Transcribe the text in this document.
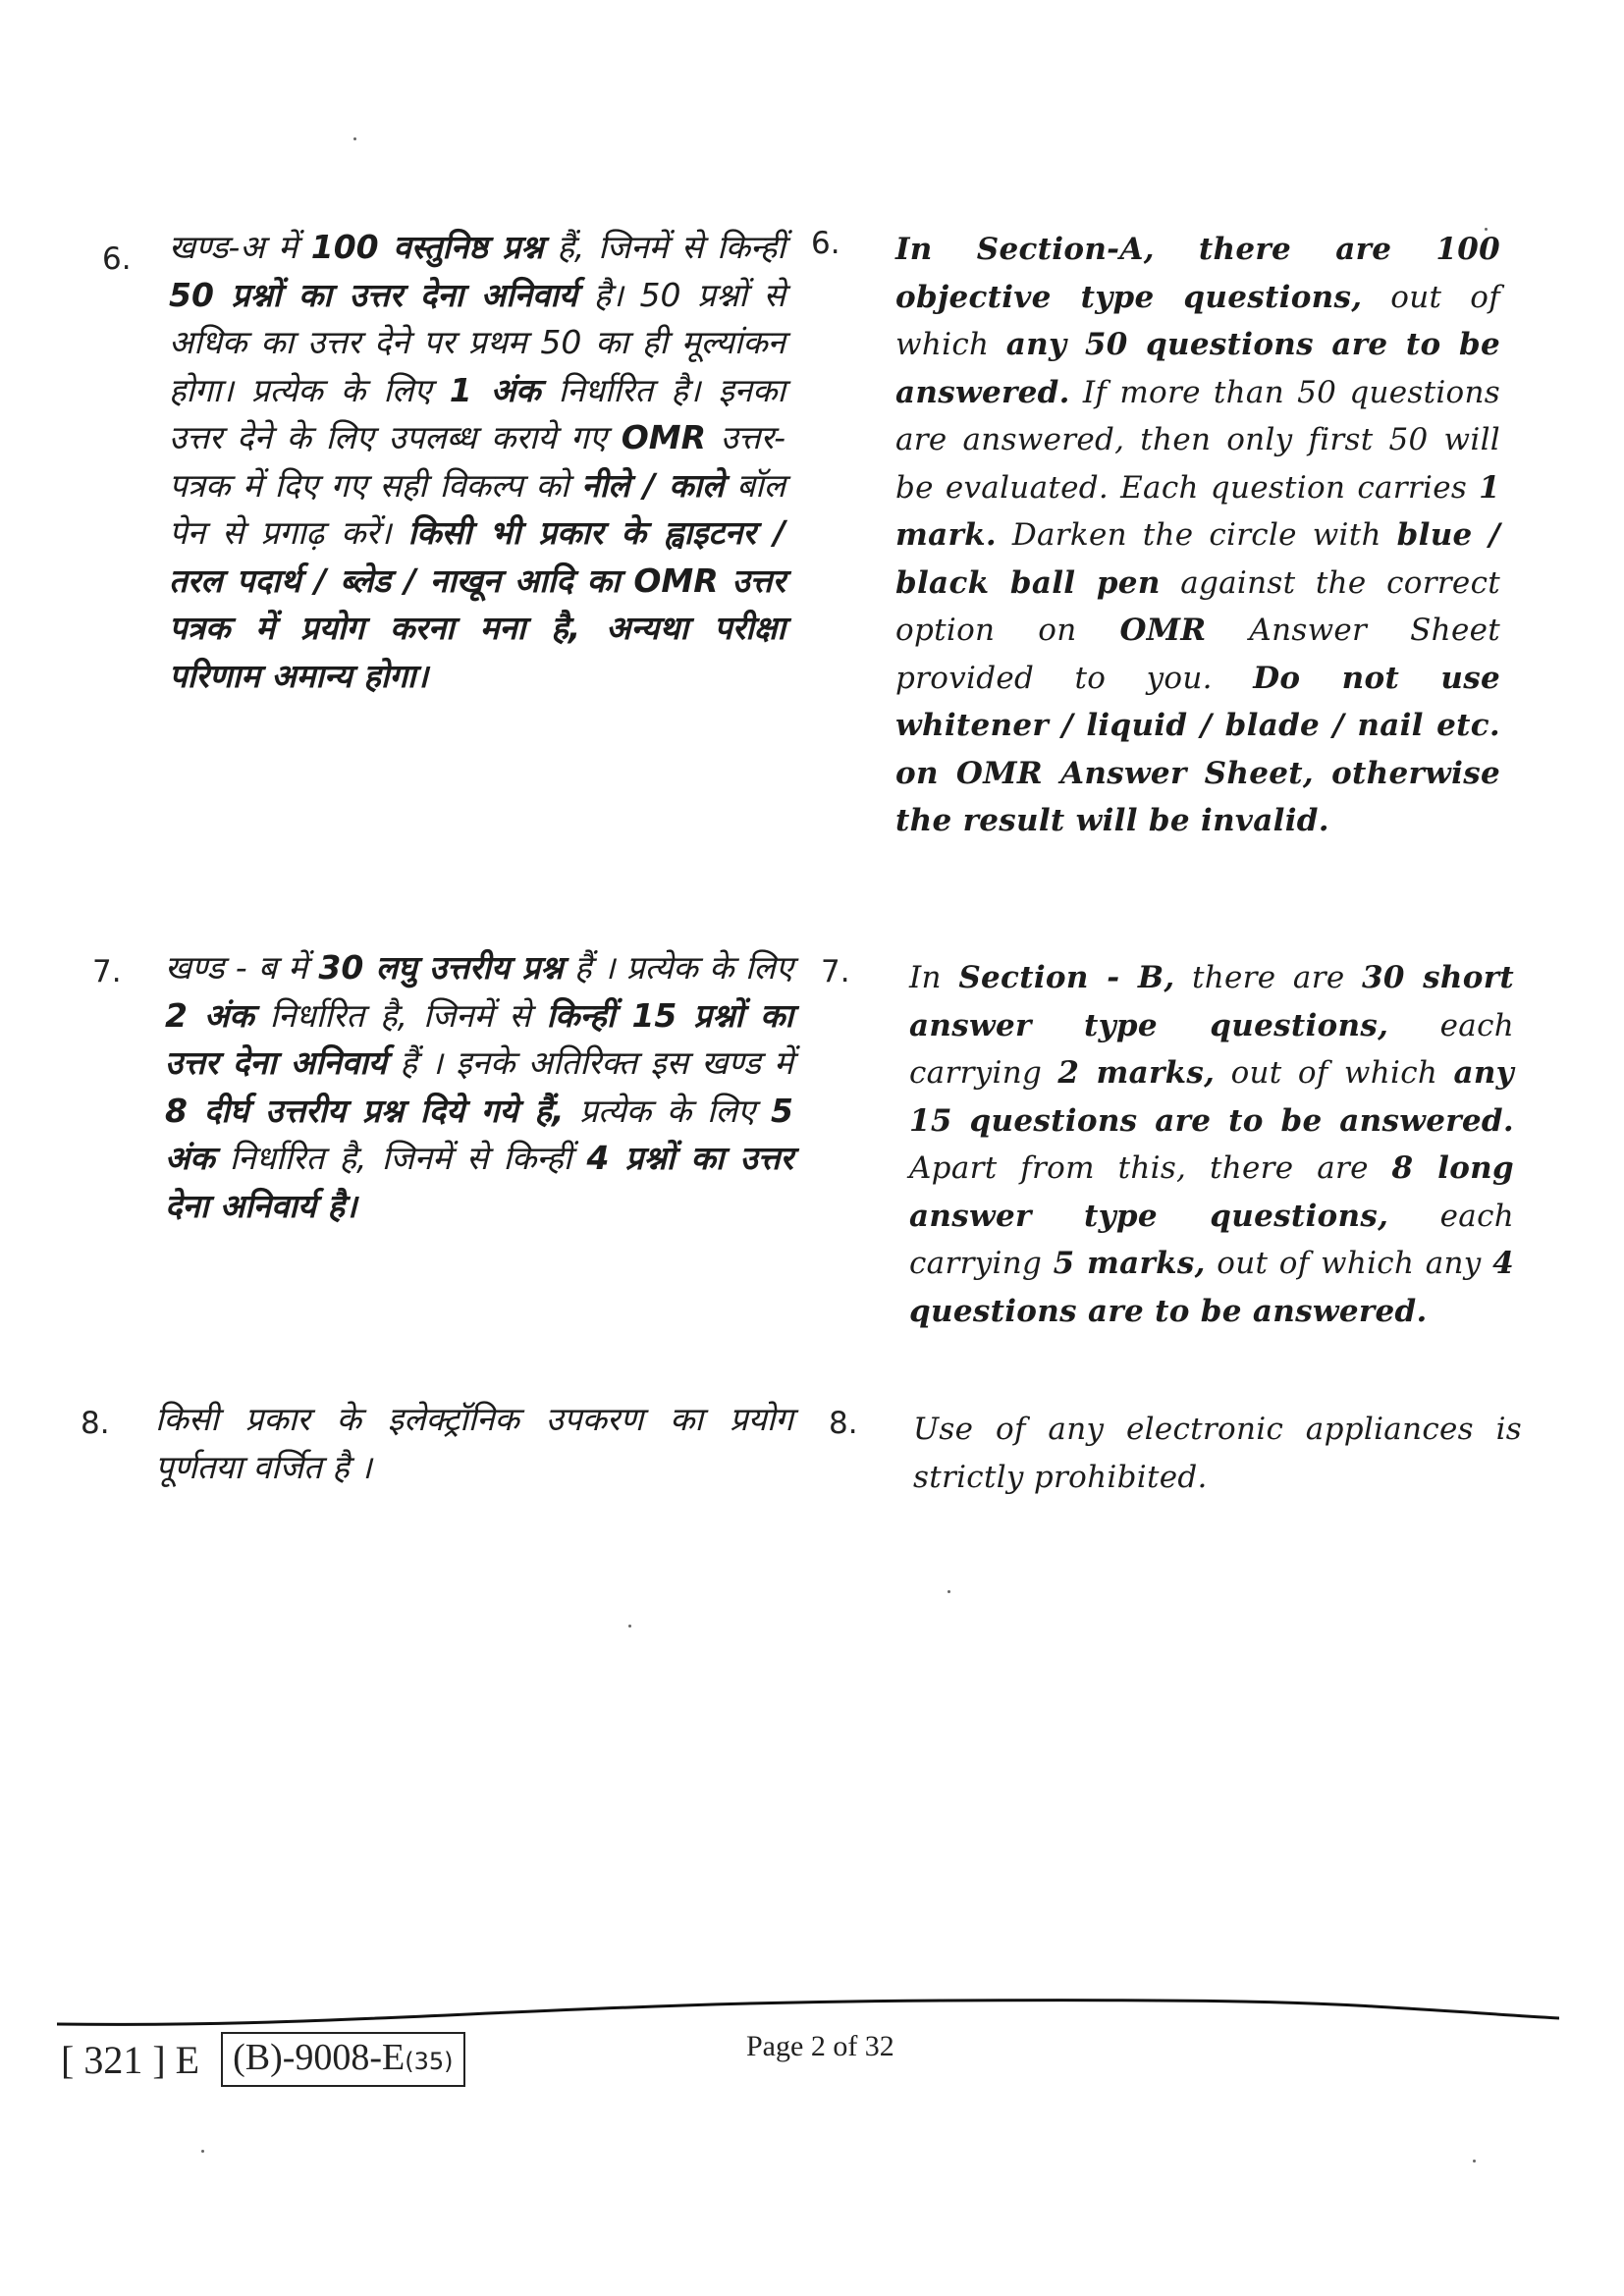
6. खण्ड-अ में 100 वस्तुनिष्ठ प्रश्न हैं, जिनमें से किन्हीं 50 प्रश्नों का उत्तर देना अनिवार्य है। 50 प्रश्नों से अधिक का उत्तर देने पर प्रथम 50 का ही मूल्यांकन होगा। प्रत्येक के लिए 1 अंक निर्धारित है। इनका उत्तर देने के लिए उपलब्ध कराये गए OMR उत्तर-पत्रक में दिए गए सही विकल्प को नीले / काले बॉल पेन से प्रगाढ़ करें। किसी भी प्रकार के ह्वाइटनर / तरल पदार्थ / ब्लेड / नाखून आदि का OMR उत्तर पत्रक में प्रयोग करना मना है, अन्यथा परीक्षा परिणाम अमान्य होगा।
6. In Section-A, there are 100 objective type questions, out of which any 50 questions are to be answered. If more than 50 questions are answered, then only first 50 will be evaluated. Each question carries 1 mark. Darken the circle with blue / black ball pen against the correct option on OMR Answer Sheet provided to you. Do not use whitener / liquid / blade / nail etc. on OMR Answer Sheet, otherwise the result will be invalid.
7. खण्ड - ब में 30 लघु उत्तरीय प्रश्न हैं । प्रत्येक के लिए 2 अंक निर्धारित है, जिनमें से किन्हीं 15 प्रश्नों का उत्तर देना अनिवार्य हैं । इनके अतिरिक्त इस खण्ड में 8 दीर्घ उत्तरीय प्रश्न दिये गये हैं, प्रत्येक के लिए 5 अंक निर्धारित है, जिनमें से किन्हीं 4 प्रश्नों का उत्तर देना अनिवार्य है।
7. In Section - B, there are 30 short answer type questions, each carrying 2 marks, out of which any 15 questions are to be answered. Apart from this, there are 8 long answer type questions, each carrying 5 marks, out of which any 4 questions are to be answered.
8. किसी प्रकार के इलेक्ट्रॉनिक उपकरण का प्रयोग पूर्णतया वर्जित है ।
8. Use of any electronic appliances is strictly prohibited.
[ 321 ] E (B)-9008-E(35)	Page 2 of 32
